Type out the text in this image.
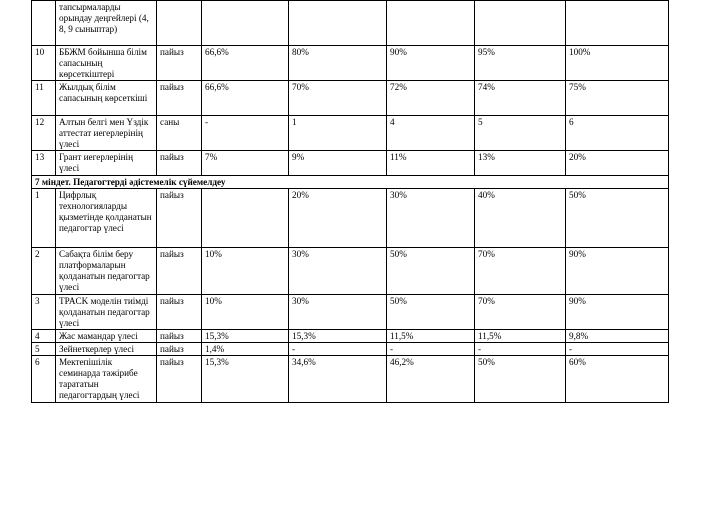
	тапсырмаларды орындау деңгейлері (4, 8, 9 сыныптар)						
10	ББЖМ бойынша білім сапасының көрсеткіштері	пайыз	66,6%	80%	90%	95%	100%
11	Жылдық білім сапасының көрсеткіші	пайыз	66,6%	70%	72%	74%	75%
12	Алтын белгі мен Үздік аттестат иегерлерінің үлесі	саны	-	1	4	5	6
13	Грант иегерлерінің үлесі	пайыз	7%	9%	11%	13%	20%
7 міндет. Педагогтерді әдістемелік сүйемелдеу							
1	Цифрлық технологияларды қызметінде қолданатын педагогтар үлесі	пайыз		20%	30%	40%	50%
2	Сабақта білім беру платформаларын қолданатын педагогтар үлесі	пайыз	10%	30%	50%	70%	90%
3	TPACK моделін тиімді қолданатын педагогтар үлесі	пайыз	10%	30%	50%	70%	90%
4	Жас мамандар үлесі	пайыз	15,3%	15,3%	11,5%	11,5%	9,8%
5	Зейнеткерлер үлесі	пайыз	1,4%	-	-	-	-
6	Мектепішілік семинарда тәжірибе тарататын педагогтардың үлесі	пайыз	15,3%	34,6%	46,2%	50%	60%
